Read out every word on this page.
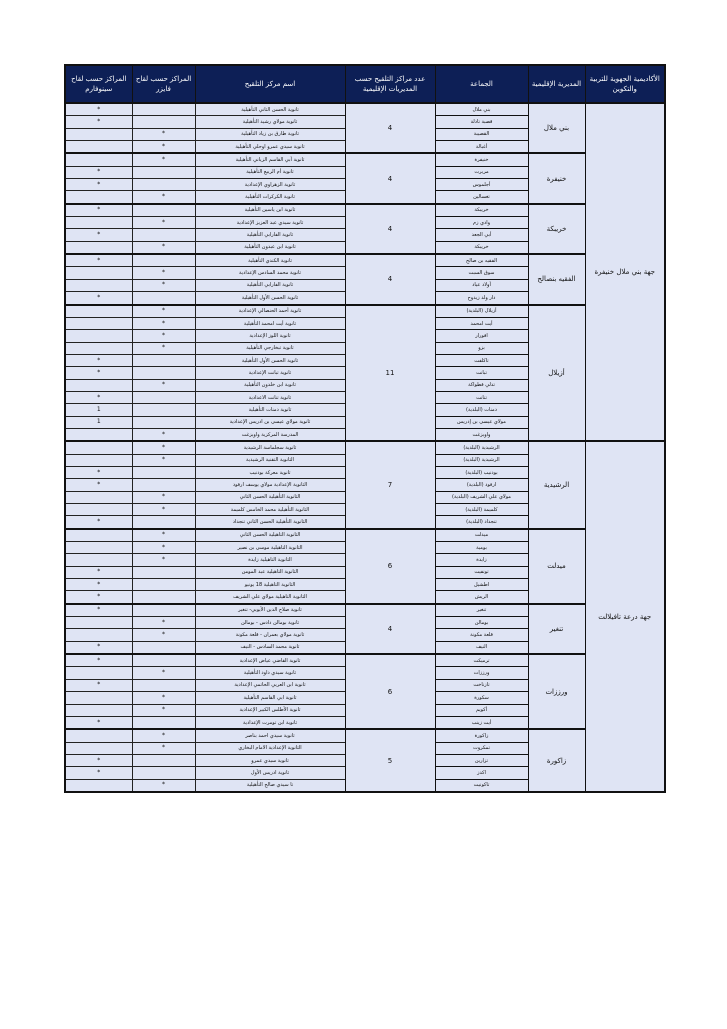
الأكاديمية الجهوية للتربية والتكوين	المديرية الإقليمية	الجماعة	عدد مراكز التلقيح حسب المديريات الإقليمية	اسم مركز التلقيح	المراكز حسب لقاح فايزر	المراكز حسب لقاح سينوفارم
جهة بني ملال خنيفرة	بني ملال	بني ملال	4	ثانوية الحسن الثاني التأهيلية		*
		قصبة تادلة		ثانوية مولاي رشيد التأهيلية		*
		القصيبة		ثانوية طارق بن زياد التأهيلية	*	
		أغبالة		ثانوية سيدي عمرو اوحلي التأهيلية	*	
	خنيفرة	خنيفرة	4	ثانوية أبي القاسم الزياني التأهيلية	*	
		مريرت		ثانوية أم الربيع التأهيلية		*
		أجلموس		ثانوية الزهراوي الإعدادية		*
		تغسالين		ثانوية الكركرات التأهيلية	*	
	خريبكة	خريبكة	4	ثانوية ابن ياسين التأهيلية		*
		وادي زم		ثانوية سيدي عبد العزيز الإعدادية	*	
		أبي الجعد		ثانوية الفارابي التأهيلية		*
		خريبكة		ثانوية ابن عبدون التأهيلية	*	
	الفقيه بنصالح	الفقيه بن صالح	4	ثانوية الكندي التأهيلية		*
		سوق السبت		ثانوية محمد السادس الإعدادية	*	
		أولاد عياد		ثانوية الفارابي التأهيلية	*	
		دار ولد زيدوح		ثانوية الحسن الأول التأهيلية		*
	أزيلال	أزيلال (البلدية)	11	ثانوية أحمد الحنصالي الإعدادية	*	
		أيت امحمد		ثانوية أيت امحمد التأهيلية	*	
		افورار		ثانوية اللوز الإعدادية	*	
		بزو		ثانوية تبخارجي التأهيلية	*	
		تاكلفت		ثانوية الحسن الأول التأهيلية		*
		تبانت		ثانوية تبانت الإعدادية		*
		تدلي فطواكة		ثانوية ابن خلدون التأهيلية	*	
		تنانت		ثانوية تنانت الاعدادية		*
		دمنات (البلدية)		ثانوية دمنات التأهيلية		1
		مولاي عيسى بن إدريس		ثانوية مولاي عيسى بن ادريس الإعدادية		1
		واويزغت		المدرسة المركزية واويزغت	*	
جهة درعة تافيلالت	الرشيدية	الرشيدية (البلدية)	7	ثانوية سجلماسة الرشيدية	*	
		الرشيدية (البلدية)		الثانوية التقنية الرشيدية	*	
		بودنيب (البلدية)		ثانوية معركة بودنيب		*
		ارفود (البلدية)		الثانوية الإعدادية مولاي يوسف ارفود		*
		مولاي علي الشريف (البلدية)		الثانوية التأهيلية الحسن الثاني	*	
		كلميمة (البلدية)		الثانوية التأهيلية محمد الخامس كلميمة	*	
		تنجداد (البلدية)		الثانوية التأهيلية الحسن الثاني تنجداد		*
	ميدلت	ميدلت	6	الثانوية التاهيلية الحسن الثاني	*	
		بومية		الثانوية التاهيلية موسى بن نصير	*	
		زايدة		الثانوية التاهيلية زايدة	*	
		تونفيت		الثانوية التاهيلية عبد المومن		*
		اطشيل		الثانوية التاهيلية 18 يونيو		*
		الريش		الثانوية التاهيلية مولاي علي الشريف		*
	تنغير	تنغير	4	ثانوية صلاح الدين الأيوبي- تنغير		*
		بومالن		ثانوية بومالن دادس - بومالن	*	
		قلعة مكونة		ثانوية مولاي بعمران - قلعة مكونة	*	
		النيف		ثانوية محمد السادس - النيف		*
	ورززات	ترميكت	6	ثانوية القاضي عياض الإعدادية		*
		ورززات		ثانوية سيدي داود التأهيلية	*	
		تازناخت		ثانوية ابن العربي الحاتمي الإعدادية		*
		سكورة		ثانوية ابي القاسم التأهيلية	*	
		أكويم		ثانوية الأطلس الكبير الإعدادية	*	
		أيت زينب		ثانوية ابن تومرت الإعدادية		*
	زاكورة	زاكورة	5	ثانوية سيدي احمد بناصر	*	
		تمكروت		الثانوية الإعدادية الامام البخاري	*	
		تزارين		ثانوية سيدي عمرو		*
		اكدز		ثانوية ادريس الأول		*
		تاكونيت		تا سيدي صالح التأهيلية	*	
